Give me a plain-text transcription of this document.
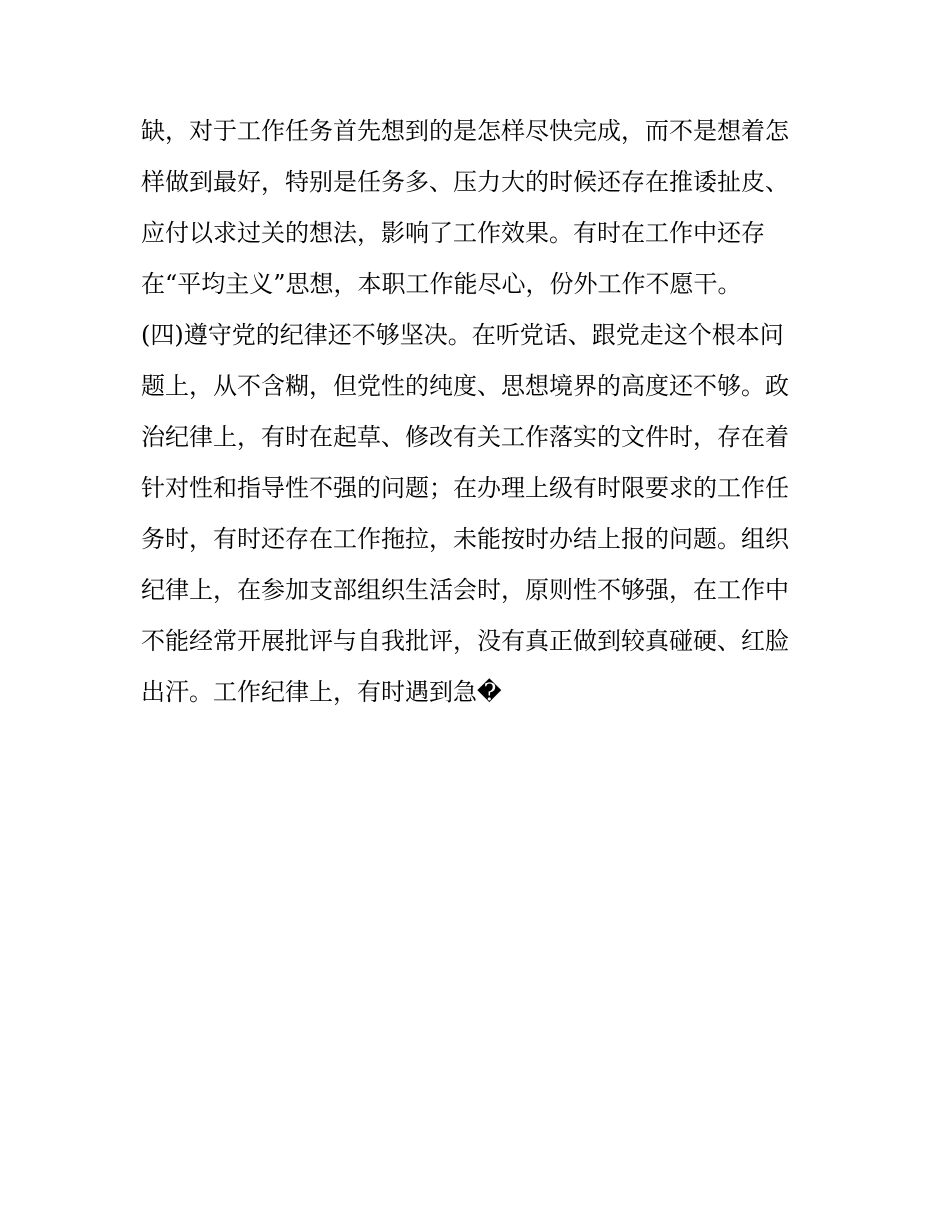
缺，对于工作任务首先想到的是怎样尽快完成，而不是想着怎
样做到最好，特别是任务多、压力大的时候还存在推诿扯皮、
应付以求过关的想法，影响了工作效果。有时在工作中还存
在“平均主义”思想，本职工作能尽心，份外工作不愿干。
(四)遵守党的纪律还不够坚决。在听党话、跟党走这个根本问
题上，从不含糊，但党性的纯度、思想境界的高度还不够。政
治纪律上，有时在起草、修改有关工作落实的文件时，存在着
针对性和指导性不强的问题；在办理上级有时限要求的工作任
务时，有时还存在工作拖拉，未能按时办结上报的问题。组织
纪律上，在参加支部组织生活会时，原则性不够强，在工作中
不能经常开展批评与自我批评，没有真正做到较真碰硬、红脸
出汗。工作纪律上，有时遇到急�
